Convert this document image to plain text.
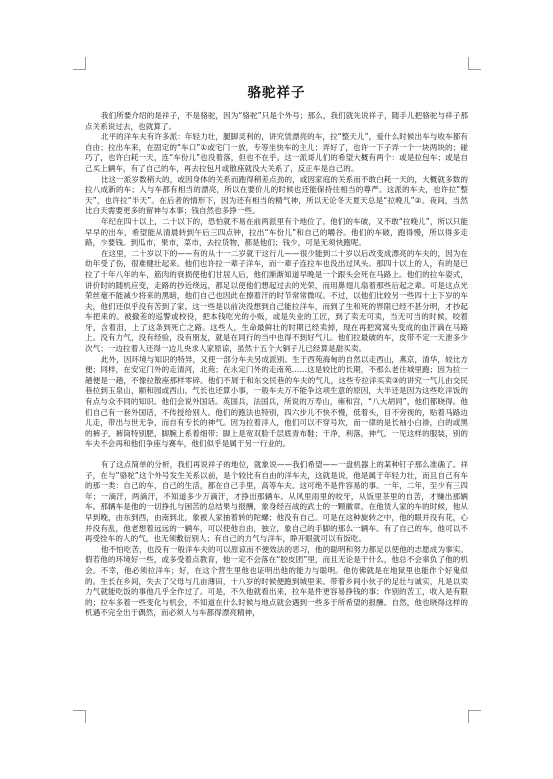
骆驼祥子

我们所要介绍的是祥子，不是骆驼，因为“骆驼”只是个外号；那么，我们就先说祥子，随手儿把骆驼与祥子那点关系说过去，也就算了。

北平的洋车夫有许多派：年轻力壮，腿脚灵利的，讲究赁漂亮的车，拉“整天儿”，爱什么时候出车与收车都有自由；拉出车来，在固定的“车口”①或宅门一放，专等坐快车的主儿；弄好了，也许一下子弄一个一块两块的；碰巧了，也许白耗一天，连“车份儿”也没着落，但也不在乎。这一派哥儿们的希望大概有两个：或是拉包车；或是自己买上辆车，有了自己的车，再去拉包月或散座就没大关系了，反正车是自己的。

比这一派岁数稍大的，或因身体的关系而跑得稍差点劲的，或因家庭的关系而不敢白耗一天的，大概就多数的拉八成新的车；人与车都有相当的漂亮，所以在要价儿的时候也还能保持住相当的尊严。这派的车夫，也许拉“整天”，也许拉“半天”。在后者的情形下，因为还有相当的精气神，所以无论冬天夏天总是“拉晚儿”②。夜间，当然比白天需要更多的留神与本事；钱自然也多挣一些。

年纪在四十以上，二十以下的，恐怕就不易在前两派里有个地位了。他们的车破，又不敢“拉晚儿”，所以只能早早的出车，希望能从清晨转到午后三四点钟，拉出“车份儿”和自己的嚼谷。他们的车破，跑得慢，所以得多走路，少要钱。到瓜市，果市，菜市，去拉货物，都是他们；钱少，可是无须快跑呢。

在这里，二十岁以下的——有的从十一二岁就干这行儿——很少能到二十岁以后改变成漂亮的车夫的，因为在幼年受了伤，很难健壮起来。他们也许拉一辈子洋车，而一辈子连拉车也没出过风头。那四十以上的人，有的是已拉了十年八年的车，筋肉的衰损使他们甘居人后，他们渐渐知道早晚是一个跟头会死在马路上。他们的拉车姿式，讲价时的随机应变，走路的抄近绕远，都足以使他们想起过去的光荣，而用鼻翅儿扇着那些后起之辈。可是这点光荣丝毫不能减少将来的黑暗，他们自己也因此在擦着汗的时节常常微叹。不过，以他们比较另一些四十上下岁的车夫，他们还似乎没有苦到了家。这一些是以前决没想到自己能拉洋车，而到了生和死的界限已经不甚分明，才抄起车把来的。被撤差的巡警或校役，把本钱吃光的小贩，或是失业的工匠，到了卖无可卖，当无可当的时候，咬着牙，含着泪，上了这条到死亡之路。这些人，生命最鲜壮的时期已经卖掉，现在再把窝窝头变成的血汗滴在马路上。没有力气，没有经验，没有朋友，就是在同行的当中也得不到好气儿。他们拉最破的车，皮带不定一天泄多少次气；一边拉着人还得一边儿央求人家原谅，虽然十五个大铜子儿已经算是甜买卖。

此外，因环境与知识的特异，又使一部分车夫另成派别。生于西苑海甸的自然以走西山，燕京，清华，较比方便；同样，在安定门外的走清河，北苑；在永定门外的走南苑……这是较比的长期，不那么老往城里跑；因为拉一趟便是一趟，不像拉散座那样零碎。他们不屑于和东交民巷的车夫的气儿，这些专拉洋买卖③的讲究一气儿由交民巷拉到玉泉山，颐和园或西山。气长也还算小事，一般车夫万不能争这项生意的原因，大半还是因为这些吃洋饭的有点与众不同的知识。他们会说外国话。英国兵，法国兵，所说的万寿山，雍和宫，“八大胡同”，他们都晓得。他们自己有一套外国话，不传授给别人。他们的跑法也特别，四六步儿不快不慢，低着头，目不旁视的，贴着马路边儿走，带出与世无争，而自有专长的神气。因为拉着洋人，他们可以不穿号坎，而一律的是长袖小白褂，白的或黑的裤子，裤筒特别肥，脚腕上系着细带；脚上是宽双脸千层底青布鞋；干净，利落，神气。一见这样的服装，别的车夫不会再和他们争座与赛车，他们似乎是属于另一行业的。

有了这点简单的分析，我们再说祥子的地位，就象说——我们希望——一盘机器上的某种钉子那么准确了。祥子，在与“骆驼”这个外号发生关系以前，是个较比有自由的洋车夫，这就是说，他是属于年轻力壮，而且自己有车的那一类：自己的车，自己的生活，都在自己手里，高等车夫。这可绝不是件容易的事。一年，二年，至少有三四年；一滴汗，两滴汗，不知道多少万滴汗，才挣出那辆车。从风里雨里的咬牙，从饭里茶里的自苦，才赚出那辆车。那辆车是他的一切挣扎与困苦的总结果与报酬，象身经百战的武士的一颗徽章。在他赁人家的车的时候，他从早到晚，由东到西，由南到北，象被人家抽着转的陀螺；他没有自己。可是在这种旋转之中，他的眼并没有花，心并没有乱，他老想着远远的一辆车，可以使他自由，独立，象自己的手脚的那么一辆车。有了自己的车，他可以不再受拴车的人的气，也无须敷衍别人；有自己的力气与洋车，睁开眼就可以有饭吃。

他不怕吃苦，也没有一般洋车夫的可以原谅而不便效法的恶习，他的聪明和努力都足以使他的志愿成为事实。假若他的环境好一些，或多受着点教育，他一定不会落在“胶皮团”里，而且无论是干什么，他总不会辜负了他的机会。不幸，他必须拉洋车；好，在这个营生里他也证明出他的能力与聪明。他仿佛就是在地狱里也能作个好鬼似的。生长在乡间，失去了父母与几亩薄田，十八岁的时候便跑到城里来。带着乡间小伙子的足壮与诚实，凡是以卖力气就能吃饭的事他几乎全作过了。可是，不久他就看出来，拉车是件更容易挣钱的事；作别的苦工，收入是有限的；拉车多着一些变化与机会，不知道在什么时候与地点就会遇到一些多于所希望的报酬。自然，他也晓得这样的机遇不完全出于偶然，而必须人与车都得漂亮精神，
